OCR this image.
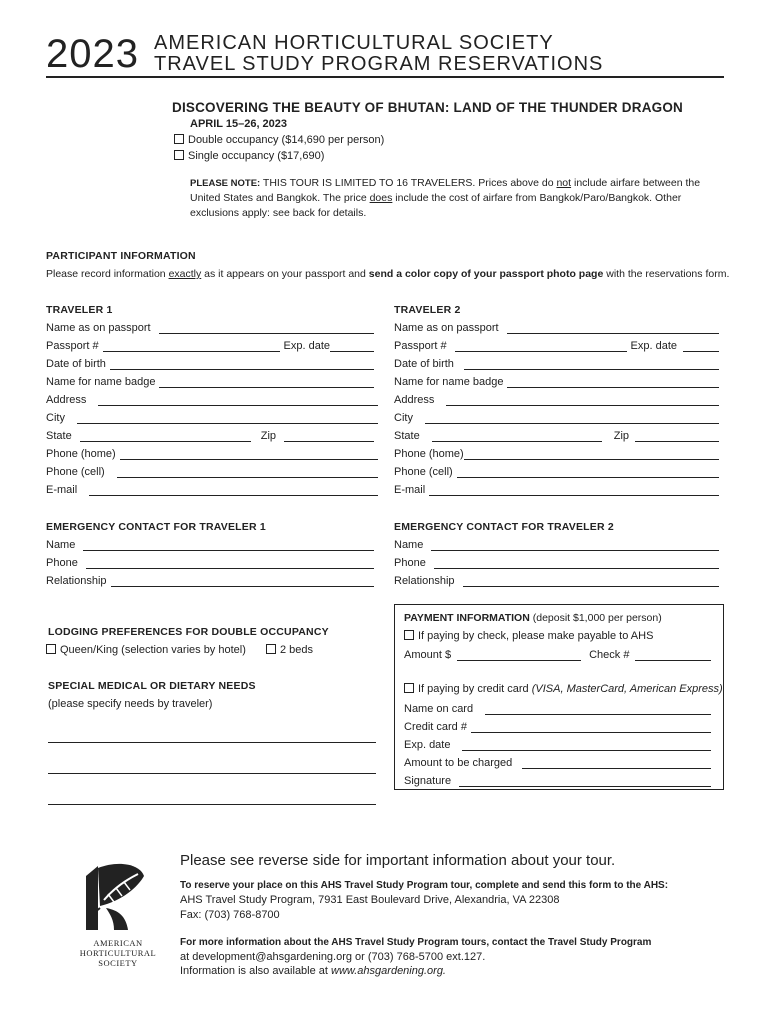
2023 AMERICAN HORTICULTURAL SOCIETY
TRAVEL STUDY PROGRAM RESERVATIONS
DISCOVERING THE BEAUTY OF BHUTAN: LAND OF THE THUNDER DRAGON
APRIL 15–26, 2023
Double occupancy ($14,690 per person)
Single occupancy ($17,690)
PLEASE NOTE: THIS TOUR IS LIMITED TO 16 TRAVELERS. Prices above do not include airfare between the United States and Bangkok. The price does include the cost of airfare from Bangkok/Paro/Bangkok. Other exclusions apply: see back for details.
PARTICIPANT INFORMATION
Please record information exactly as it appears on your passport and send a color copy of your passport photo page with the reservations form.
TRAVELER 1
Name as on passport
Passport #	Exp. date
Date of birth
Name for name badge
Address
City
State	Zip
Phone (home)
Phone (cell)
E-mail
TRAVELER 2
Name as on passport
Passport #	Exp. date
Date of birth
Name for name badge
Address
City
State	Zip
Phone (home)
Phone (cell)
E-mail
EMERGENCY CONTACT FOR TRAVELER 1
Name
Phone
Relationship
EMERGENCY CONTACT FOR TRAVELER 2
Name
Phone
Relationship
LODGING PREFERENCES FOR DOUBLE OCCUPANCY
Queen/King (selection varies by hotel)	2 beds
SPECIAL MEDICAL OR DIETARY NEEDS
(please specify needs by traveler)
PAYMENT INFORMATION (deposit $1,000 per person)
If paying by check, please make payable to AHS
Amount $	Check #
If paying by credit card (VISA, MasterCard, American Express)
Name on card
Credit card #
Exp. date
Amount to be charged
Signature
AMERICAN
HORTICULTURAL
SOCIETY
Please see reverse side for important information about your tour.
To reserve your place on this AHS Travel Study Program tour, complete and send this form to the AHS:
AHS Travel Study Program, 7931 East Boulevard Drive, Alexandria, VA 22308
Fax: (703) 768-8700
For more information about the AHS Travel Study Program tours, contact the Travel Study Program
at development@ahsgardening.org or (703) 768-5700 ext.127.
Information is also available at www.ahsgardening.org.
